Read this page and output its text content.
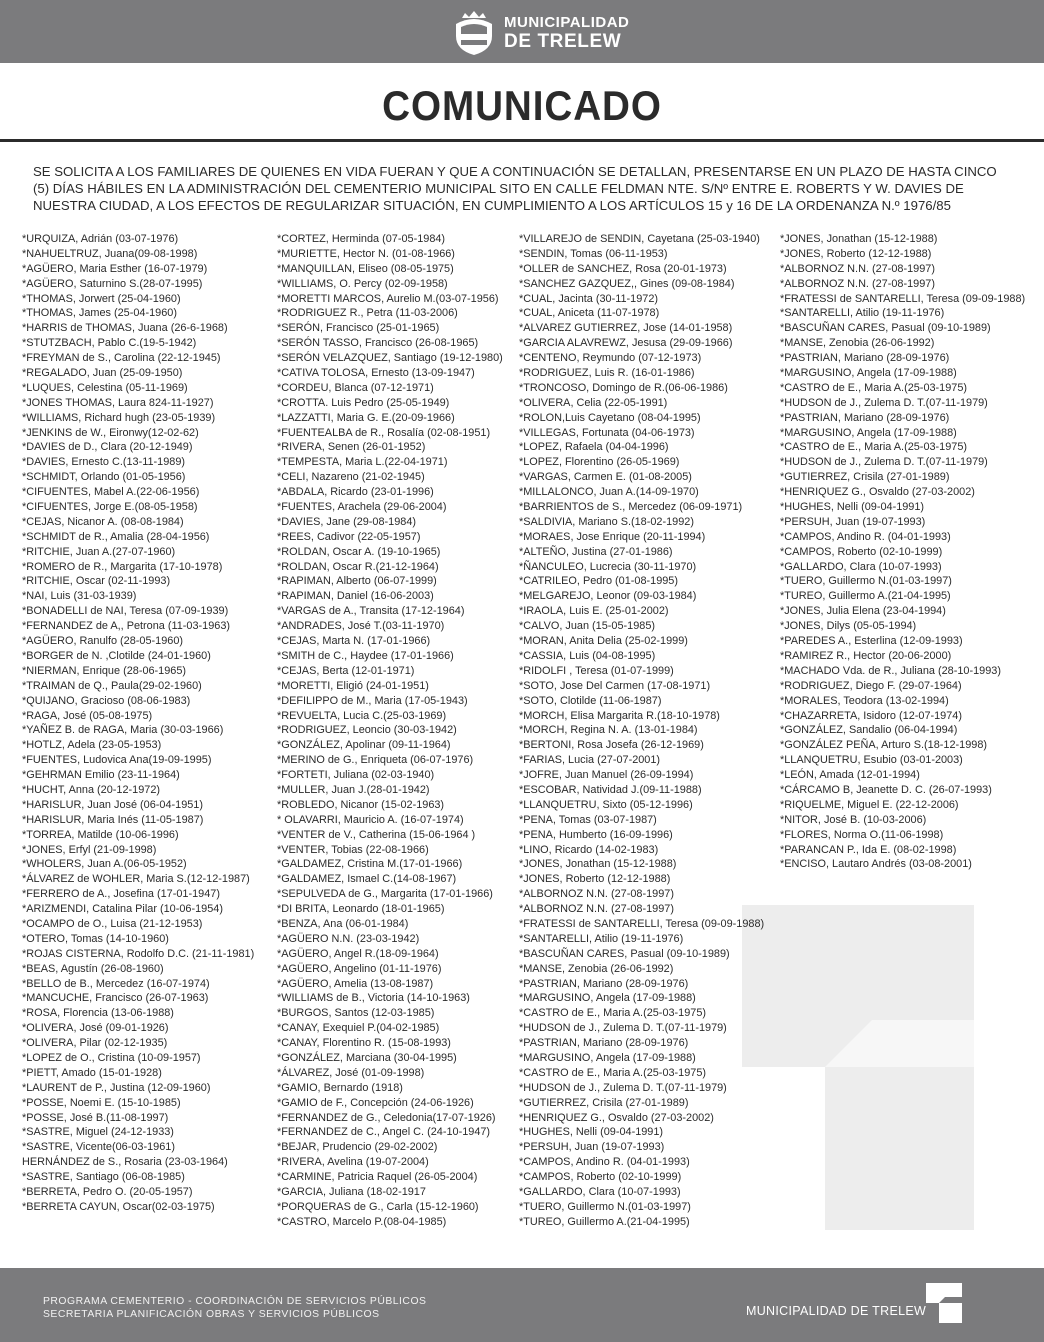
MUNICIPALIDAD
DE TRELEW
COMUNICADO
SE SOLICITA A LOS FAMILIARES DE QUIENES EN VIDA FUERAN Y QUE A CONTINUACIÓN SE DETALLAN, PRESENTARSE EN UN PLAZO DE HASTA CINCO (5) DÍAS HÁBILES EN LA ADMINISTRACIÓN DEL CEMENTERIO MUNICIPAL SITO EN CALLE FELDMAN NTE. S/Nº ENTRE E. ROBERTS Y W. DAVIES DE NUESTRA CIUDAD, A LOS EFECTOS DE REGULARIZAR SITUACIÓN, EN CUMPLIMIENTO A LOS ARTÍCULOS 15 y 16 DE LA ORDENANZA N.º 1976/85
*URQUIZA, Adrián (03-07-1976)
*NAHUELTRUZ, Juana(09-08-1998)
*AGÜERO, Maria Esther (16-07-1979)
*AGÜERO, Saturnino S.(28-07-1995)
*THOMAS, Jorwert (25-04-1960)
*THOMAS, James (25-04-1960)
*HARRIS de THOMAS, Juana (26-6-1968)
*STUTZBACH, Pablo C.(19-5-1942)
*FREYMAN de S., Carolina (22-12-1945)
*REGALADO, Juan (25-09-1950)
*LUQUES, Celestina (05-11-1969)
*JONES THOMAS, Laura 824-11-1927)
*WILLIAMS, Richard hugh (23-05-1939)
*JENKINS de W., Eironwy(12-02-62)
*DAVIES de D., Clara (20-12-1949)
*DAVIES, Ernesto C.(13-11-1989)
*SCHMIDT, Orlando (01-05-1956)
*CIFUENTES, Mabel A.(22-06-1956)
*CIFUENTES, Jorge E.(08-05-1958)
*CEJAS, Nicanor A. (08-08-1984)
*SCHMIDT de R., Amalia (28-04-1956)
*RITCHIE, Juan A.(27-07-1960)
*ROMERO de R., Margarita (17-10-1978)
*RITCHIE, Oscar (02-11-1993)
*NAI, Luis (31-03-1939)
*BONADELLI de NAI, Teresa (07-09-1939)
*FERNANDEZ de A,, Petrona (11-03-1963)
*AGÜERO, Ranulfo (28-05-1960)
*BORGER de N. ,Clotilde (24-01-1960)
*NIERMAN, Enrique (28-06-1965)
*TRAIMAN de Q., Paula(29-02-1960)
*QUIJANO, Gracioso (08-06-1983)
*RAGA, José (05-08-1975)
*YAÑEZ B. de RAGA, Maria (30-03-1966)
*HOTLZ, Adela (23-05-1953)
*FUENTES, Ludovica Ana(19-09-1995)
*GEHRMAN Emilio (23-11-1964)
*HUCHT, Anna (20-12-1972)
*HARISLUR, Juan José (06-04-1951)
*HARISLUR, Maria Inés (11-05-1987)
*TORREA, Matilde (10-06-1996)
*JONES, Erfyl (21-09-1998)
*WHOLERS, Juan A.(06-05-1952)
*ÁLVAREZ de WOHLER, Maria S.(12-12-1987)
*FERRERO de A., Josefina (17-01-1947)
*ARIZMENDI, Catalina Pilar (10-06-1954)
*OCAMPO de O., Luisa (21-12-1953)
*OTERO, Tomas (14-10-1960)
*ROJAS CISTERNA, Rodolfo D.C. (21-11-1981)
*BEAS, Agustín (26-08-1960)
*BELLO de B., Mercedez (16-07-1974)
*MANCUCHE, Francisco (26-07-1963)
*ROSA, Florencia (13-06-1988)
*OLIVERA, José (09-01-1926)
*OLIVERA, Pilar (02-12-1935)
*LOPEZ de O., Cristina (10-09-1957)
*PIETT, Amado (15-01-1928)
*LAURENT de P., Justina (12-09-1960)
*POSSE, Noemi E. (15-10-1985)
*POSSE, José B.(11-08-1997)
*SASTRE, Miguel (24-12-1933)
*SASTRE, Vicente(06-03-1961)
HERNÁNDEZ de S., Rosaria (23-03-1964)
*SASTRE, Santiago (06-08-1985)
*BERRETA, Pedro O. (20-05-1957)
*BERRETA CAYUN, Oscar(02-03-1975)
*CORTEZ, Herminda (07-05-1984)
*MURIETTE, Hector N. (01-08-1966)
*MANQUILLAN, Eliseo (08-05-1975)
*WILLIAMS, O. Percy (02-09-1958)
*MORETTI MARCOS, Aurelio M.(03-07-1956)
*RODRIGUEZ R., Petra (11-03-2006)
*SERÓN, Francisco (25-01-1965)
*SERÓN TASSO, Francisco (26-08-1965)
*SERÓN VELAZQUEZ, Santiago (19-12-1980)
*CATIVA TOLOSA, Ernesto (13-09-1947)
*CORDEU, Blanca (07-12-1971)
*CROTTA. Luis Pedro (25-05-1949)
*LAZZATTI, Maria G. E.(20-09-1966)
*FUENTEALBA de R., Rosalía (02-08-1951)
*RIVERA, Senen (26-01-1952)
*TEMPESTA, Maria L.(22-04-1971)
*CELI, Nazareno (21-02-1945)
*ABDALA, Ricardo (23-01-1996)
*FUENTES, Arachela (29-06-2004)
*DAVIES, Jane (29-08-1984)
*REES, Cadivor (22-05-1957)
*ROLDAN, Oscar A. (19-10-1965)
*ROLDAN, Oscar R.(21-12-1964)
*RAPIMAN, Alberto (06-07-1999)
*RAPIMAN, Daniel (16-06-2003)
*VARGAS de A., Transita (17-12-1964)
*ANDRADES, José T.(03-11-1970)
*CEJAS, Marta N. (17-01-1966)
*SMITH de C., Haydee (17-01-1966)
*CEJAS, Berta (12-01-1971)
*MORETTI, Eligió (24-01-1951)
*DEFILIPPO de M., Maria (17-05-1943)
*REVUELTA, Lucia C.(25-03-1969)
*RODRIGUEZ, Leoncio (30-03-1942)
*GONZÁLEZ, Apolinar (09-11-1964)
*MERINO de G., Enriqueta (06-07-1976)
*FORTETI, Juliana (02-03-1940)
*MULLER, Juan J.(28-01-1942)
*ROBLEDO, Nicanor (15-02-1963)
* OLAVARRI, Mauricio A. (16-07-1974)
*VENTER de V., Catherina (15-06-1964 )
*VENTER, Tobias (22-08-1966)
*GALDAMEZ, Cristina M.(17-01-1966)
*GALDAMEZ, Ismael C.(14-08-1967)
*SEPULVEDA de G., Margarita (17-01-1966)
*DI BRITA, Leonardo (18-01-1965)
*BENZA, Ana (06-01-1984)
*AGÜERO N.N. (23-03-1942)
*AGÜERO, Angel R.(18-09-1964)
*AGÜERO, Angelino (01-11-1976)
*AGÜERO, Amelia (13-08-1987)
*WILLIAMS de B., Victoria (14-10-1963)
*BURGOS, Santos (12-03-1985)
*CANAY, Exequiel P.(04-02-1985)
*CANAY, Florentino R. (15-08-1993)
*GONZÁLEZ, Marciana (30-04-1995)
*ÁLVAREZ, José (01-09-1998)
*GAMIO, Bernardo (1918)
*GAMIO de F., Concepción (24-06-1926)
*FERNANDEZ de G., Celedonia(17-07-1926)
*FERNANDEZ de C., Angel C. (24-10-1947)
*BEJAR, Prudencio (29-02-2002)
*RIVERA, Avelina (19-07-2004)
*CARMINE, Patricia Raquel (26-05-2004)
*GARCIA, Juliana (18-02-1917
*PORQUERAS de G., Carla (15-12-1960)
*CASTRO, Marcelo P.(08-04-1985)
*VILLAREJO de SENDIN, Cayetana (25-03-1940)
*SENDIN, Tomas (06-11-1953)
*OLLER de SANCHEZ, Rosa (20-01-1973)
*SANCHEZ GAZQUEZ,, Gines (09-08-1984)
*CUAL, Jacinta (30-11-1972)
*CUAL, Aniceta (11-07-1978)
*ALVAREZ GUTIERREZ, Jose (14-01-1958)
*GARCIA ALAVREWZ, Jesusa (29-09-1966)
*CENTENO, Reymundo (07-12-1973)
*RODRIGUEZ, Luis R. (16-01-1986)
*TRONCOSO, Domingo de R.(06-06-1986)
*OLIVERA, Celia (22-05-1991)
*ROLON,Luis Cayetano (08-04-1995)
*VILLEGAS, Fortunata (04-06-1973)
*LOPEZ, Rafaela (04-04-1996)
*LOPEZ, Florentino (26-05-1969)
*VARGAS, Carmen E. (01-08-2005)
*MILLALONCO, Juan A.(14-09-1970)
*BARRIENTOS de S., Mercedez (06-09-1971)
*SALDIVIA, Mariano S.(18-02-1992)
*MORAES, Jose Enrique (20-11-1994)
*ALTEÑO, Justina (27-01-1986)
*ÑANCULEO, Lucrecia (30-11-1970)
*CATRILEO, Pedro (01-08-1995)
*MELGAREJO, Leonor (09-03-1984)
*IRAOLA, Luis E. (25-01-2002)
*CALVO, Juan (15-05-1985)
*MORAN, Anita Delia (25-02-1999)
*CASSIA, Luis (04-08-1995)
*RIDOLFI , Teresa (01-07-1999)
*SOTO, Jose Del Carmen (17-08-1971)
*SOTO, Clotilde (11-06-1987)
*MORCH, Elisa Margarita R.(18-10-1978)
*MORCH, Regina N. A. (13-01-1984)
*BERTONI, Rosa Josefa (26-12-1969)
*FARIAS, Lucia (27-07-2001)
*JOFRE, Juan Manuel (26-09-1994)
*ESCOBAR, Natividad J.(09-11-1988)
*LLANQUETRU, Sixto (05-12-1996)
*PENA, Tomas (03-07-1987)
*PENA, Humberto (16-09-1996)
*LINO, Ricardo (14-02-1983)
*JONES, Jonathan (15-12-1988)
*JONES, Roberto (12-12-1988)
*ALBORNOZ N.N. (27-08-1997)
*ALBORNOZ N.N. (27-08-1997)
*FRATESSI de SANTARELLI, Teresa (09-09-1988)
*SANTARELLI, Atilio (19-11-1976)
*BASCUÑAN CARES, Pasual (09-10-1989)
*MANSE, Zenobia (26-06-1992)
*PASTRIAN, Mariano (28-09-1976)
*MARGUSINO, Angela (17-09-1988)
*CASTRO de E., Maria A.(25-03-1975)
*HUDSON de J., Zulema D. T.(07-11-1979)
*PASTRIAN, Mariano (28-09-1976)
*MARGUSINO, Angela (17-09-1988)
*CASTRO de E., Maria A.(25-03-1975)
*HUDSON de J., Zulema D. T.(07-11-1979)
*GUTIERREZ, Crisila (27-01-1989)
*HENRIQUEZ G., Osvaldo (27-03-2002)
*HUGHES, Nelli (09-04-1991)
*PERSUH, Juan (19-07-1993)
*CAMPOS, Andino R. (04-01-1993)
*CAMPOS, Roberto (02-10-1999)
*GALLARDO, Clara (10-07-1993)
*TUERO, Guillermo N.(01-03-1997)
*TUREO, Guillermo A.(21-04-1995)
*JONES, Jonathan (15-12-1988)
*JONES, Roberto (12-12-1988)
*ALBORNOZ N.N. (27-08-1997)
*ALBORNOZ N.N. (27-08-1997)
*FRATESSI de SANTARELLI, Teresa (09-09-1988)
*SANTARELLI, Atilio (19-11-1976)
*BASCUÑAN CARES, Pasual (09-10-1989)
*MANSE, Zenobia (26-06-1992)
*PASTRIAN, Mariano (28-09-1976)
*MARGUSINO, Angela (17-09-1988)
*CASTRO de E., Maria A.(25-03-1975)
*HUDSON de J., Zulema D. T.(07-11-1979)
*PASTRIAN, Mariano (28-09-1976)
*MARGUSINO, Angela (17-09-1988)
*CASTRO de E., Maria A.(25-03-1975)
*HUDSON de J., Zulema D. T.(07-11-1979)
*GUTIERREZ, Crisila (27-01-1989)
*HENRIQUEZ G., Osvaldo (27-03-2002)
*HUGHES, Nelli (09-04-1991)
*PERSUH, Juan (19-07-1993)
*CAMPOS, Andino R. (04-01-1993)
*CAMPOS, Roberto (02-10-1999)
*GALLARDO, Clara (10-07-1993)
*TUERO, Guillermo N.(01-03-1997)
*TUREO, Guillermo A.(21-04-1995)
*JONES, Julia Elena (23-04-1994)
*JONES, Dilys (05-05-1994)
*PAREDES A., Esterlina (12-09-1993)
*RAMIREZ R., Hector (20-06-2000)
*MACHADO Vda. de R., Juliana (28-10-1993)
*RODRIGUEZ, Diego F. (29-07-1964)
*MORALES, Teodora (13-02-1994)
*CHAZARRETA, Isidoro (12-07-1974)
*GONZÁLEZ, Sandalio (06-04-1994)
*GONZÁLEZ PEÑA, Arturo S.(18-12-1998)
*LLANQUETRU, Esubio (03-01-2003)
*LEÓN, Amada (12-01-1994)
*CÁRCAMO B, Jeanette D. C. (26-07-1993)
*RIQUELME, Miguel E. (22-12-2006)
*NITOR, José B. (10-03-2006)
*FLORES, Norma O.(11-06-1998)
*PARANCAN P., Ida E. (08-02-1998)
*ENCISO, Lautaro Andrés (03-08-2001)
PROGRAMA CEMENTERIO - COORDINACIÓN DE SERVICIOS PÚBLICOS
SECRETARIA PLANIFICACIÓN OBRAS Y SERVICIOS PÚBLICOS	MUNICIPALIDAD DE TRELEW
